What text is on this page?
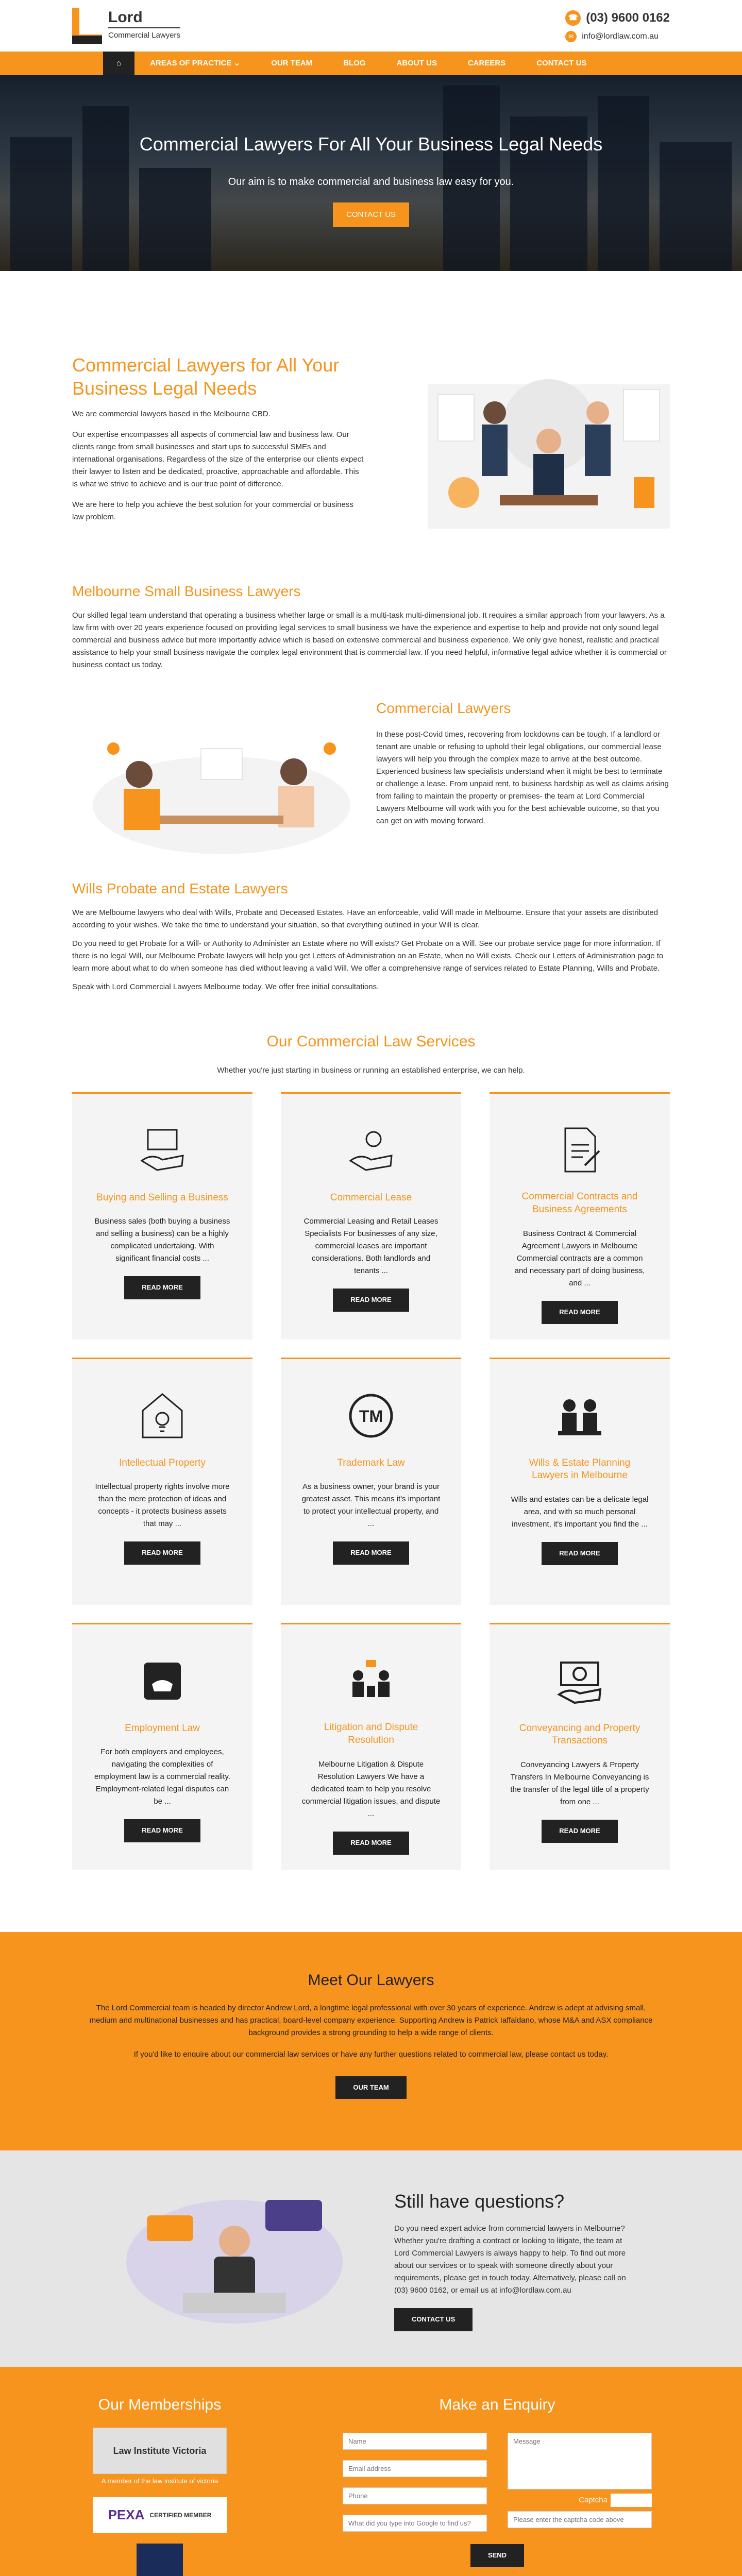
Lord
Commercial Lawyers
☎ (03) 9600 0162
✉ info@lordlaw.com.au
⌂	AREAS OF PRACTICE
⌄	OUR TEAM	BLOG	ABOUT US	CAREERS	CONTACT US
Commercial Lawyers For All Your Business Legal Needs

Our aim is to make commercial and business law easy for you.

CONTACT US
Commercial Lawyers for All Your Business Legal Needs

We are commercial lawyers based in the Melbourne CBD.

Our expertise encompasses all aspects of commercial law and business law. Our clients range from small businesses and start ups to successful SMEs and international organisations. Regardless of the size of the enterprise our clients expect their lawyer to listen and be dedicated, proactive, approachable and affordable. This is what we strive to achieve and is our true point of difference.

We are here to help you achieve the best solution for your commercial or business law problem.

Melbourne Small Business Lawyers

Our skilled legal team understand that operating a business whether large or small is a multi-task multi-dimensional job. It requires a similar approach from your lawyers. As a law firm with over 20 years experience focused on providing legal services to small business we have the experience and expertise to help and provide not only sound legal commercial and business advice but more importantly advice which is based on extensive commercial and business experience. We only give honest, realistic and practical assistance to help your small business navigate the complex legal environment that is commercial law. If you need helpful, informative legal advice whether it is commercial or business contact us today.

Commercial Lawyers

In these post-Covid times, recovering from lockdowns can be tough. If a landlord or tenant are unable or refusing to uphold their legal obligations, our commercial lease lawyers will help you through the complex maze to arrive at the best outcome. Experienced business law specialists understand when it might be best to terminate or challenge a lease. From unpaid rent, to business hardship as well as claims arising from failing to maintain the property or premises- the team at Lord Commercial Lawyers Melbourne will work with you for the best achievable outcome, so that you can get on with moving forward.

Wills Probate and Estate Lawyers

We are Melbourne lawyers who deal with Wills, Probate and Deceased Estates. Have an enforceable, valid Will made in Melbourne. Ensure that your assets are distributed according to your wishes. We take the time to understand your situation, so that everything outlined in your Will is clear.

Do you need to get Probate for a Will- or Authority to Administer an Estate where no Will exists? Get Probate on a Will. See our probate service page for more information. If there is no legal Will, our Melbourne Probate lawyers will help you get Letters of Administration on an Estate, when no Will exists. Check our Letters of Administration page to learn more about what to do when someone has died without leaving a valid Will. We offer a comprehensive range of services related to Estate Planning, Wills and Probate.

Speak with Lord Commercial Lawyers Melbourne today. We offer free initial consultations.

Our Commercial Law Services

Whether you're just starting in business or running an established enterprise, we can help.

Buying and Selling a Business

Business sales (both buying a business and selling a business) can be a highly complicated undertaking. With significant financial costs ...

READ MORE
Commercial Lease

Commercial Leasing and Retail Leases Specialists For businesses of any size, commercial leases are important considerations. Both landlords and tenants ...

READ MORE
Commercial Contracts and Business Agreements

Business Contract & Commercial Agreement Lawyers in Melbourne Commercial contracts are a common and necessary part of doing business, and ...

READ MORE
Intellectual Property

Intellectual property rights involve more than the mere protection of ideas and concepts - it protects business assets that may ...

READ MORE
TM
Trademark Law

As a business owner, your brand is your greatest asset. This means it's important to protect your intellectual property, and ...

READ MORE
Wills & Estate Planning Lawyers in Melbourne

Wills and estates can be a delicate legal area, and with so much personal investment, it's important you find the ...

READ MORE
Employment Law

For both employers and employees, navigating the complexities of employment law is a commercial reality. Employment-related legal disputes can be ...

READ MORE
Litigation and Dispute Resolution

Melbourne Litigation & Dispute Resolution Lawyers We have a dedicated team to help you resolve commercial litigation issues, and dispute ...

READ MORE
Conveyancing and Property Transactions

Conveyancing Lawyers & Property Transfers In Melbourne Conveyancing is the transfer of the legal title of a property from one ...

READ MORE
Meet Our Lawyers

The Lord Commercial team is headed by director Andrew Lord, a longtime legal professional with over 30 years of experience. Andrew is adept at advising small, medium and multinational businesses and has practical, board-level company experience. Supporting Andrew is Patrick Iaffaldano, whose M&A and ASX compliance background provides a strong grounding to help a wide range of clients.

If you'd like to enquire about our commercial law services or have any further questions related to commercial law, please contact us today.

OUR TEAM
Still have questions?

Do you need expert advice from commercial lawyers in Melbourne? Whether you're drafting a contract or looking to litigate, the team at Lord Commercial Lawyers is always happy to help. To find out more about our services or to speak with someone directly about your requirements, please get in touch today. Alternatively, please call on (03) 9600 0162, or email us at info@lordlaw.com.au

CONTACT US
Our Memberships
Law Institute Victoria
A member of the law institute of victoria
PEXA CERTIFIED MEMBER
Make an Enquiry
Name
Email address
Phone
What did you type into Google to find us?
Message
Captcha
Please enter the captcha code above
SEND
